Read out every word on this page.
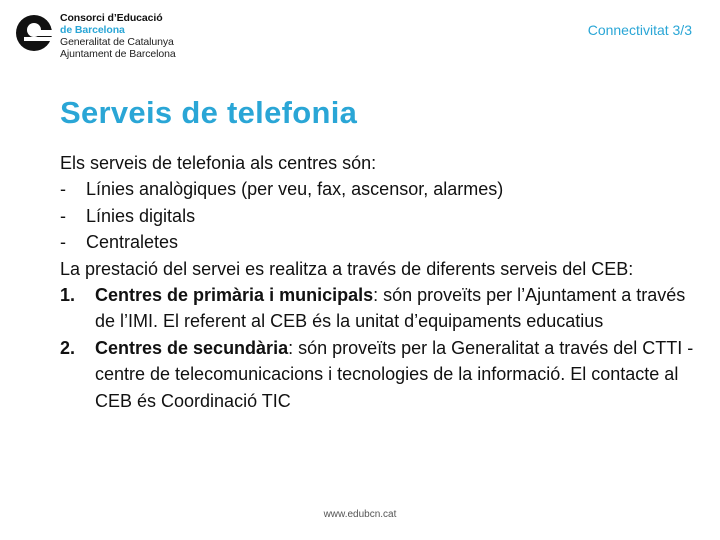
Consorci d’Educació
de Barcelona
Generalitat de Catalunya
Ajuntament de Barcelona
Connectivitat 3/3
Serveis de telefonia

Els serveis de telefonia als centres són:

-	Línies analògiques (per veu, fax, ascensor, alarmes)
-	Línies digitals
-	Centraletes

La prestació del servei es realitza a través de diferents serveis del CEB:

1.	Centres de primària i municipals: són proveïts per l’Ajuntament a través de l’IMI. El referent al CEB és la unitat d’equipaments educatius
2.	Centres de secundària: són proveïts per la Generalitat a través del CTTI -centre de telecomunicacions i tecnologies de la informació. El contacte al CEB és Coordinació TIC
www.edubcn.cat
